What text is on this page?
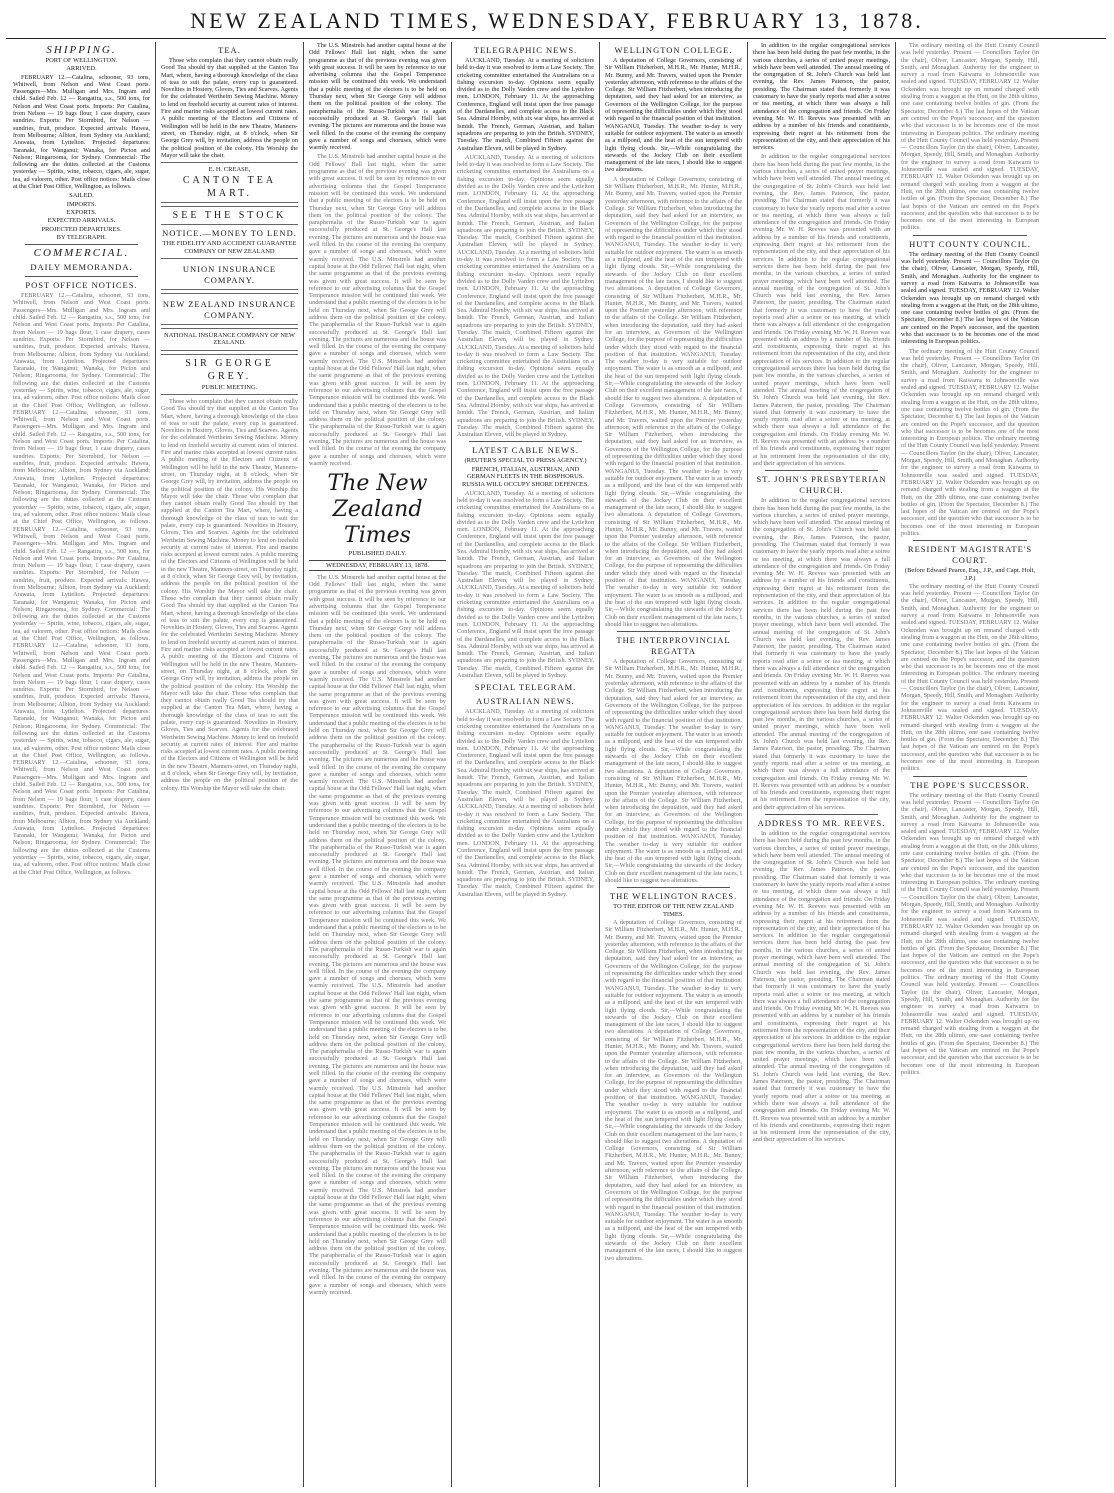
NEW ZEALAND TIMES, WEDNESDAY, FEBRUARY 13, 1878.
SHIPPING.
PORT OF WELLINGTON.
ARRIVED.
FEBRUARY 12.—Catalina, schooner, 93 tons, Whitwell, from Nelson and West Coast ports. Passengers—Mrs. Mulligan and Mrs. Ingram and child. Sailed Feb. 12 — Rangatira, s.s., 500 tons, for Nelson and West Coast ports. Imports: Per Catalina, from Nelson — 19 bags flour, 1 case drapery, cases sundries. Exports: Per Stormbird, for Nelson — sundries, fruit, produce. Expected arrivals: Hawea, from Melbourne; Albion, from Sydney via Auckland; Arawata, from Lyttelton. Projected departures: Taranaki, for Wanganui; Wanaka, for Picton and Nelson; Ringarooma, for Sydney. Commercial: The following are the duties collected at the Customs yesterday — Spirits, wine, tobacco, cigars, ale, sugar, tea, ad valorem, other. Post office notices: Mails close at the Chief Post Office, Wellington, as follows.
SAILED.
IMPORTS.
EXPORTS.
EXPECTED ARRIVALS.
PROJECTED DEPARTURES.
BY TELEGRAPH.
COMMERCIAL.
DAILY MEMORANDA.
POST OFFICE NOTICES.
FEBRUARY 12.—Catalina, schooner, 93 tons, Whitwell, from Nelson and West Coast ports. Passengers—Mrs. Mulligan and Mrs. Ingram and child. Sailed Feb. 12 — Rangatira, s.s., 500 tons, for Nelson and West Coast ports. Imports: Per Catalina, from Nelson — 19 bags flour, 1 case drapery, cases sundries. Exports: Per Stormbird, for Nelson — sundries, fruit, produce. Expected arrivals: Hawea, from Melbourne; Albion, from Sydney via Auckland; Arawata, from Lyttelton. Projected departures: Taranaki, for Wanganui; Wanaka, for Picton and Nelson; Ringarooma, for Sydney. Commercial: The following are the duties collected at the Customs yesterday — Spirits, wine, tobacco, cigars, ale, sugar, tea, ad valorem, other. Post office notices: Mails close at the Chief Post Office, Wellington, as follows. FEBRUARY 12.—Catalina, schooner, 93 tons, Whitwell, from Nelson and West Coast ports. Passengers—Mrs. Mulligan and Mrs. Ingram and child. Sailed Feb. 12 — Rangatira, s.s., 500 tons, for Nelson and West Coast ports. Imports: Per Catalina, from Nelson — 19 bags flour, 1 case drapery, cases sundries. Exports: Per Stormbird, for Nelson — sundries, fruit, produce. Expected arrivals: Hawea, from Melbourne; Albion, from Sydney via Auckland; Arawata, from Lyttelton. Projected departures: Taranaki, for Wanganui; Wanaka, for Picton and Nelson; Ringarooma, for Sydney. Commercial: The following are the duties collected at the Customs yesterday — Spirits, wine, tobacco, cigars, ale, sugar, tea, ad valorem, other. Post office notices: Mails close at the Chief Post Office, Wellington, as follows. FEBRUARY 12.—Catalina, schooner, 93 tons, Whitwell, from Nelson and West Coast ports. Passengers—Mrs. Mulligan and Mrs. Ingram and child. Sailed Feb. 12 — Rangatira, s.s., 500 tons, for Nelson and West Coast ports. Imports: Per Catalina, from Nelson — 19 bags flour, 1 case drapery, cases sundries. Exports: Per Stormbird, for Nelson — sundries, fruit, produce. Expected arrivals: Hawea, from Melbourne; Albion, from Sydney via Auckland; Arawata, from Lyttelton. Projected departures: Taranaki, for Wanganui; Wanaka, for Picton and Nelson; Ringarooma, for Sydney. Commercial: The following are the duties collected at the Customs yesterday — Spirits, wine, tobacco, cigars, ale, sugar, tea, ad valorem, other. Post office notices: Mails close at the Chief Post Office, Wellington, as follows. FEBRUARY 12.—Catalina, schooner, 93 tons, Whitwell, from Nelson and West Coast ports. Passengers—Mrs. Mulligan and Mrs. Ingram and child. Sailed Feb. 12 — Rangatira, s.s., 500 tons, for Nelson and West Coast ports. Imports: Per Catalina, from Nelson — 19 bags flour, 1 case drapery, cases sundries. Exports: Per Stormbird, for Nelson — sundries, fruit, produce. Expected arrivals: Hawea, from Melbourne; Albion, from Sydney via Auckland; Arawata, from Lyttelton. Projected departures: Taranaki, for Wanganui; Wanaka, for Picton and Nelson; Ringarooma, for Sydney. Commercial: The following are the duties collected at the Customs yesterday — Spirits, wine, tobacco, cigars, ale, sugar, tea, ad valorem, other. Post office notices: Mails close at the Chief Post Office, Wellington, as follows. FEBRUARY 12.—Catalina, schooner, 93 tons, Whitwell, from Nelson and West Coast ports. Passengers—Mrs. Mulligan and Mrs. Ingram and child. Sailed Feb. 12 — Rangatira, s.s., 500 tons, for Nelson and West Coast ports. Imports: Per Catalina, from Nelson — 19 bags flour, 1 case drapery, cases sundries. Exports: Per Stormbird, for Nelson — sundries, fruit, produce. Expected arrivals: Hawea, from Melbourne; Albion, from Sydney via Auckland; Arawata, from Lyttelton. Projected departures: Taranaki, for Wanganui; Wanaka, for Picton and Nelson; Ringarooma, for Sydney. Commercial: The following are the duties collected at the Customs yesterday — Spirits, wine, tobacco, cigars, ale, sugar, tea, ad valorem, other. Post office notices: Mails close at the Chief Post Office, Wellington, as follows.
TEA.
Those who complain that they cannot obtain really Good Tea should try that supplied at the Canton Tea Mart, where, having a thorough knowledge of the class of teas to suit the palate, every cup is guaranteed. Novelties in Hosiery, Gloves, Ties and Scarves. Agents for the celebrated Wertheim Sewing Machine. Money to lend on freehold security at current rates of interest. Fire and marine risks accepted at lowest current rates. A public meeting of the Electors and Citizens of Wellington will be held in the new Theatre, Manners-street, on Thursday night, at 8 o'clock, when Sir George Grey will, by invitation, address the people on the political position of the colony. His Worship the Mayor will take the chair.
E. H. CREASE,
CANTON TEA MART.
SEE THE STOCK
NOTICE.—MONEY TO LEND.
THE FIDELITY AND ACCIDENT GUARANTEE COMPANY OF NEW ZEALAND
UNION INSURANCE COMPANY.
NEW ZEALAND INSURANCE COMPANY.
NATIONAL INSURANCE COMPANY OF NEW ZEALAND.
SIR GEORGE GREY.
PUBLIC MEETING.
Those who complain that they cannot obtain really Good Tea should try that supplied at the Canton Tea Mart, where, having a thorough knowledge of the class of teas to suit the palate, every cup is guaranteed. Novelties in Hosiery, Gloves, Ties and Scarves. Agents for the celebrated Wertheim Sewing Machine. Money to lend on freehold security at current rates of interest. Fire and marine risks accepted at lowest current rates. A public meeting of the Electors and Citizens of Wellington will be held in the new Theatre, Manners-street, on Thursday night, at 8 o'clock, when Sir George Grey will, by invitation, address the people on the political position of the colony. His Worship the Mayor will take the chair. Those who complain that they cannot obtain really Good Tea should try that supplied at the Canton Tea Mart, where, having a thorough knowledge of the class of teas to suit the palate, every cup is guaranteed. Novelties in Hosiery, Gloves, Ties and Scarves. Agents for the celebrated Wertheim Sewing Machine. Money to lend on freehold security at current rates of interest. Fire and marine risks accepted at lowest current rates. A public meeting of the Electors and Citizens of Wellington will be held in the new Theatre, Manners-street, on Thursday night, at 8 o'clock, when Sir George Grey will, by invitation, address the people on the political position of the colony. His Worship the Mayor will take the chair. Those who complain that they cannot obtain really Good Tea should try that supplied at the Canton Tea Mart, where, having a thorough knowledge of the class of teas to suit the palate, every cup is guaranteed. Novelties in Hosiery, Gloves, Ties and Scarves. Agents for the celebrated Wertheim Sewing Machine. Money to lend on freehold security at current rates of interest. Fire and marine risks accepted at lowest current rates. A public meeting of the Electors and Citizens of Wellington will be held in the new Theatre, Manners-street, on Thursday night, at 8 o'clock, when Sir George Grey will, by invitation, address the people on the political position of the colony. His Worship the Mayor will take the chair. Those who complain that they cannot obtain really Good Tea should try that supplied at the Canton Tea Mart, where, having a thorough knowledge of the class of teas to suit the palate, every cup is guaranteed. Novelties in Hosiery, Gloves, Ties and Scarves. Agents for the celebrated Wertheim Sewing Machine. Money to lend on freehold security at current rates of interest. Fire and marine risks accepted at lowest current rates. A public meeting of the Electors and Citizens of Wellington will be held in the new Theatre, Manners-street, on Thursday night, at 8 o'clock, when Sir George Grey will, by invitation, address the people on the political position of the colony. His Worship the Mayor will take the chair.
The U.S. Minstrels had another capital house at the Odd Fellows' Hall last night, when the same programme as that of the previous evening was given with great success. It will be seen by reference to our advertising columns that the Gospel Temperance mission will be continued this week. We understand that a public meeting of the electors is to be held on Thursday next, when Sir George Grey will address them on the political position of the colony. The paraphernalia of the Russo-Turkish war is again successfully produced at St. George's Hall last evening. The pictures are numerous and the house was well filled. In the course of the evening the company gave a number of songs and choruses, which were warmly received.
The U.S. Minstrels had another capital house at the Odd Fellows' Hall last night, when the same programme as that of the previous evening was given with great success. It will be seen by reference to our advertising columns that the Gospel Temperance mission will be continued this week. We understand that a public meeting of the electors is to be held on Thursday next, when Sir George Grey will address them on the political position of the colony. The paraphernalia of the Russo-Turkish war is again successfully produced at St. George's Hall last evening. The pictures are numerous and the house was well filled. In the course of the evening the company gave a number of songs and choruses, which were warmly received. The U.S. Minstrels had another capital house at the Odd Fellows' Hall last night, when the same programme as that of the previous evening was given with great success. It will be seen by reference to our advertising columns that the Gospel Temperance mission will be continued this week. We understand that a public meeting of the electors is to be held on Thursday next, when Sir George Grey will address them on the political position of the colony. The paraphernalia of the Russo-Turkish war is again successfully produced at St. George's Hall last evening. The pictures are numerous and the house was well filled. In the course of the evening the company gave a number of songs and choruses, which were warmly received. The U.S. Minstrels had another capital house at the Odd Fellows' Hall last night, when the same programme as that of the previous evening was given with great success. It will be seen by reference to our advertising columns that the Gospel Temperance mission will be continued this week. We understand that a public meeting of the electors is to be held on Thursday next, when Sir George Grey will address them on the political position of the colony. The paraphernalia of the Russo-Turkish war is again successfully produced at St. George's Hall last evening. The pictures are numerous and the house was well filled. In the course of the evening the company gave a number of songs and choruses, which were warmly received.
The New Zealand Times
PUBLISHED DAILY.
WEDNESDAY, FEBRUARY 13, 1878.
The U.S. Minstrels had another capital house at the Odd Fellows' Hall last night, when the same programme as that of the previous evening was given with great success. It will be seen by reference to our advertising columns that the Gospel Temperance mission will be continued this week. We understand that a public meeting of the electors is to be held on Thursday next, when Sir George Grey will address them on the political position of the colony. The paraphernalia of the Russo-Turkish war is again successfully produced at St. George's Hall last evening. The pictures are numerous and the house was well filled. In the course of the evening the company gave a number of songs and choruses, which were warmly received. The U.S. Minstrels had another capital house at the Odd Fellows' Hall last night, when the same programme as that of the previous evening was given with great success. It will be seen by reference to our advertising columns that the Gospel Temperance mission will be continued this week. We understand that a public meeting of the electors is to be held on Thursday next, when Sir George Grey will address them on the political position of the colony. The paraphernalia of the Russo-Turkish war is again successfully produced at St. George's Hall last evening. The pictures are numerous and the house was well filled. In the course of the evening the company gave a number of songs and choruses, which were warmly received. The U.S. Minstrels had another capital house at the Odd Fellows' Hall last night, when the same programme as that of the previous evening was given with great success. It will be seen by reference to our advertising columns that the Gospel Temperance mission will be continued this week. We understand that a public meeting of the electors is to be held on Thursday next, when Sir George Grey will address them on the political position of the colony. The paraphernalia of the Russo-Turkish war is again successfully produced at St. George's Hall last evening. The pictures are numerous and the house was well filled. In the course of the evening the company gave a number of songs and choruses, which were warmly received. The U.S. Minstrels had another capital house at the Odd Fellows' Hall last night, when the same programme as that of the previous evening was given with great success. It will be seen by reference to our advertising columns that the Gospel Temperance mission will be continued this week. We understand that a public meeting of the electors is to be held on Thursday next, when Sir George Grey will address them on the political position of the colony. The paraphernalia of the Russo-Turkish war is again successfully produced at St. George's Hall last evening. The pictures are numerous and the house was well filled. In the course of the evening the company gave a number of songs and choruses, which were warmly received. The U.S. Minstrels had another capital house at the Odd Fellows' Hall last night, when the same programme as that of the previous evening was given with great success. It will be seen by reference to our advertising columns that the Gospel Temperance mission will be continued this week. We understand that a public meeting of the electors is to be held on Thursday next, when Sir George Grey will address them on the political position of the colony. The paraphernalia of the Russo-Turkish war is again successfully produced at St. George's Hall last evening. The pictures are numerous and the house was well filled. In the course of the evening the company gave a number of songs and choruses, which were warmly received. The U.S. Minstrels had another capital house at the Odd Fellows' Hall last night, when the same programme as that of the previous evening was given with great success. It will be seen by reference to our advertising columns that the Gospel Temperance mission will be continued this week. We understand that a public meeting of the electors is to be held on Thursday next, when Sir George Grey will address them on the political position of the colony. The paraphernalia of the Russo-Turkish war is again successfully produced at St. George's Hall last evening. The pictures are numerous and the house was well filled. In the course of the evening the company gave a number of songs and choruses, which were warmly received. The U.S. Minstrels had another capital house at the Odd Fellows' Hall last night, when the same programme as that of the previous evening was given with great success. It will be seen by reference to our advertising columns that the Gospel Temperance mission will be continued this week. We understand that a public meeting of the electors is to be held on Thursday next, when Sir George Grey will address them on the political position of the colony. The paraphernalia of the Russo-Turkish war is again successfully produced at St. George's Hall last evening. The pictures are numerous and the house was well filled. In the course of the evening the company gave a number of songs and choruses, which were warmly received.
TELEGRAPHIC NEWS.
AUCKLAND, Tuesday. At a meeting of solicitors held to-day it was resolved to form a Law Society. The cricketing committee entertained the Australians on a fishing excursion to-day. Opinions seem equally divided as to the Dolly Varden crew and the Lyttelton men. LONDON, February 11. At the approaching Conference, England will insist upon the free passage of the Dardanelles, and complete access to the Black Sea. Admiral Hornby, with six war ships, has arrived at Ismidt. The French, German, Austrian, and Italian squadrons are preparing to join the British. SYDNEY, Tuesday. The match, Combined Fifteen against the Australian Eleven, will be played in Sydney.
AUCKLAND, Tuesday. At a meeting of solicitors held to-day it was resolved to form a Law Society. The cricketing committee entertained the Australians on a fishing excursion to-day. Opinions seem equally divided as to the Dolly Varden crew and the Lyttelton men. LONDON, February 11. At the approaching Conference, England will insist upon the free passage of the Dardanelles, and complete access to the Black Sea. Admiral Hornby, with six war ships, has arrived at Ismidt. The French, German, Austrian, and Italian squadrons are preparing to join the British. SYDNEY, Tuesday. The match, Combined Fifteen against the Australian Eleven, will be played in Sydney. AUCKLAND, Tuesday. At a meeting of solicitors held to-day it was resolved to form a Law Society. The cricketing committee entertained the Australians on a fishing excursion to-day. Opinions seem equally divided as to the Dolly Varden crew and the Lyttelton men. LONDON, February 11. At the approaching Conference, England will insist upon the free passage of the Dardanelles, and complete access to the Black Sea. Admiral Hornby, with six war ships, has arrived at Ismidt. The French, German, Austrian, and Italian squadrons are preparing to join the British. SYDNEY, Tuesday. The match, Combined Fifteen against the Australian Eleven, will be played in Sydney. AUCKLAND, Tuesday. At a meeting of solicitors held to-day it was resolved to form a Law Society. The cricketing committee entertained the Australians on a fishing excursion to-day. Opinions seem equally divided as to the Dolly Varden crew and the Lyttelton men. LONDON, February 11. At the approaching Conference, England will insist upon the free passage of the Dardanelles, and complete access to the Black Sea. Admiral Hornby, with six war ships, has arrived at Ismidt. The French, German, Austrian, and Italian squadrons are preparing to join the British. SYDNEY, Tuesday. The match, Combined Fifteen against the Australian Eleven, will be played in Sydney.
LATEST CABLE NEWS.
(REUTER'S SPECIAL TO PRESS AGENCY.)
FRENCH, ITALIAN, AUSTRIAN, AND GERMAN FLEETS IN THE BOSPHORUS.
RUSSIA WILL OCCUPY SHORE DEFENCES.
AUCKLAND, Tuesday. At a meeting of solicitors held to-day it was resolved to form a Law Society. The cricketing committee entertained the Australians on a fishing excursion to-day. Opinions seem equally divided as to the Dolly Varden crew and the Lyttelton men. LONDON, February 11. At the approaching Conference, England will insist upon the free passage of the Dardanelles, and complete access to the Black Sea. Admiral Hornby, with six war ships, has arrived at Ismidt. The French, German, Austrian, and Italian squadrons are preparing to join the British. SYDNEY, Tuesday. The match, Combined Fifteen against the Australian Eleven, will be played in Sydney. AUCKLAND, Tuesday. At a meeting of solicitors held to-day it was resolved to form a Law Society. The cricketing committee entertained the Australians on a fishing excursion to-day. Opinions seem equally divided as to the Dolly Varden crew and the Lyttelton men. LONDON, February 11. At the approaching Conference, England will insist upon the free passage of the Dardanelles, and complete access to the Black Sea. Admiral Hornby, with six war ships, has arrived at Ismidt. The French, German, Austrian, and Italian squadrons are preparing to join the British. SYDNEY, Tuesday. The match, Combined Fifteen against the Australian Eleven, will be played in Sydney.
SPECIAL TELEGRAM.
AUSTRALIAN NEWS.
AUCKLAND, Tuesday. At a meeting of solicitors held to-day it was resolved to form a Law Society. The cricketing committee entertained the Australians on a fishing excursion to-day. Opinions seem equally divided as to the Dolly Varden crew and the Lyttelton men. LONDON, February 11. At the approaching Conference, England will insist upon the free passage of the Dardanelles, and complete access to the Black Sea. Admiral Hornby, with six war ships, has arrived at Ismidt. The French, German, Austrian, and Italian squadrons are preparing to join the British. SYDNEY, Tuesday. The match, Combined Fifteen against the Australian Eleven, will be played in Sydney. AUCKLAND, Tuesday. At a meeting of solicitors held to-day it was resolved to form a Law Society. The cricketing committee entertained the Australians on a fishing excursion to-day. Opinions seem equally divided as to the Dolly Varden crew and the Lyttelton men. LONDON, February 11. At the approaching Conference, England will insist upon the free passage of the Dardanelles, and complete access to the Black Sea. Admiral Hornby, with six war ships, has arrived at Ismidt. The French, German, Austrian, and Italian squadrons are preparing to join the British. SYDNEY, Tuesday. The match, Combined Fifteen against the Australian Eleven, will be played in Sydney.
WELLINGTON COLLEGE.
A deputation of College Governors, consisting of Sir William Fitzherbert, M.H.R., Mr. Hunter, M.H.R., Mr. Bunny, and Mr. Travers, waited upon the Premier yesterday afternoon, with reference to the affairs of the College. Sir William Fitzherbert, when introducing the deputation, said they had asked for an interview, as Governors of the Wellington College, for the purpose of representing the difficulties under which they stood with regard to the financial position of that institution. WANGANUI, Tuesday. The weather to-day is very suitable for outdoor enjoyment. The water is as smooth as a millpond, and the heat of the sun tempered with light flying clouds. Sir,—While congratulating the stewards of the Jockey Club on their excellent management of the late races, I should like to suggest two alterations.
A deputation of College Governors, consisting of Sir William Fitzherbert, M.H.R., Mr. Hunter, M.H.R., Mr. Bunny, and Mr. Travers, waited upon the Premier yesterday afternoon, with reference to the affairs of the College. Sir William Fitzherbert, when introducing the deputation, said they had asked for an interview, as Governors of the Wellington College, for the purpose of representing the difficulties under which they stood with regard to the financial position of that institution. WANGANUI, Tuesday. The weather to-day is very suitable for outdoor enjoyment. The water is as smooth as a millpond, and the heat of the sun tempered with light flying clouds. Sir,—While congratulating the stewards of the Jockey Club on their excellent management of the late races, I should like to suggest two alterations. A deputation of College Governors, consisting of Sir William Fitzherbert, M.H.R., Mr. Hunter, M.H.R., Mr. Bunny, and Mr. Travers, waited upon the Premier yesterday afternoon, with reference to the affairs of the College. Sir William Fitzherbert, when introducing the deputation, said they had asked for an interview, as Governors of the Wellington College, for the purpose of representing the difficulties under which they stood with regard to the financial position of that institution. WANGANUI, Tuesday. The weather to-day is very suitable for outdoor enjoyment. The water is as smooth as a millpond, and the heat of the sun tempered with light flying clouds. Sir,—While congratulating the stewards of the Jockey Club on their excellent management of the late races, I should like to suggest two alterations. A deputation of College Governors, consisting of Sir William Fitzherbert, M.H.R., Mr. Hunter, M.H.R., Mr. Bunny, and Mr. Travers, waited upon the Premier yesterday afternoon, with reference to the affairs of the College. Sir William Fitzherbert, when introducing the deputation, said they had asked for an interview, as Governors of the Wellington College, for the purpose of representing the difficulties under which they stood with regard to the financial position of that institution. WANGANUI, Tuesday. The weather to-day is very suitable for outdoor enjoyment. The water is as smooth as a millpond, and the heat of the sun tempered with light flying clouds. Sir,—While congratulating the stewards of the Jockey Club on their excellent management of the late races, I should like to suggest two alterations. A deputation of College Governors, consisting of Sir William Fitzherbert, M.H.R., Mr. Hunter, M.H.R., Mr. Bunny, and Mr. Travers, waited upon the Premier yesterday afternoon, with reference to the affairs of the College. Sir William Fitzherbert, when introducing the deputation, said they had asked for an interview, as Governors of the Wellington College, for the purpose of representing the difficulties under which they stood with regard to the financial position of that institution. WANGANUI, Tuesday. The weather to-day is very suitable for outdoor enjoyment. The water is as smooth as a millpond, and the heat of the sun tempered with light flying clouds. Sir,—While congratulating the stewards of the Jockey Club on their excellent management of the late races, I should like to suggest two alterations.
THE INTERPROVINCIAL REGATTA
A deputation of College Governors, consisting of Sir William Fitzherbert, M.H.R., Mr. Hunter, M.H.R., Mr. Bunny, and Mr. Travers, waited upon the Premier yesterday afternoon, with reference to the affairs of the College. Sir William Fitzherbert, when introducing the deputation, said they had asked for an interview, as Governors of the Wellington College, for the purpose of representing the difficulties under which they stood with regard to the financial position of that institution. WANGANUI, Tuesday. The weather to-day is very suitable for outdoor enjoyment. The water is as smooth as a millpond, and the heat of the sun tempered with light flying clouds. Sir,—While congratulating the stewards of the Jockey Club on their excellent management of the late races, I should like to suggest two alterations. A deputation of College Governors, consisting of Sir William Fitzherbert, M.H.R., Mr. Hunter, M.H.R., Mr. Bunny, and Mr. Travers, waited upon the Premier yesterday afternoon, with reference to the affairs of the College. Sir William Fitzherbert, when introducing the deputation, said they had asked for an interview, as Governors of the Wellington College, for the purpose of representing the difficulties under which they stood with regard to the financial position of that institution. WANGANUI, Tuesday. The weather to-day is very suitable for outdoor enjoyment. The water is as smooth as a millpond, and the heat of the sun tempered with light flying clouds. Sir,—While congratulating the stewards of the Jockey Club on their excellent management of the late races, I should like to suggest two alterations.
THE WELLINGTON RACES.
TO THE EDITOR OF THE NEW ZEALAND TIMES.
A deputation of College Governors, consisting of Sir William Fitzherbert, M.H.R., Mr. Hunter, M.H.R., Mr. Bunny, and Mr. Travers, waited upon the Premier yesterday afternoon, with reference to the affairs of the College. Sir William Fitzherbert, when introducing the deputation, said they had asked for an interview, as Governors of the Wellington College, for the purpose of representing the difficulties under which they stood with regard to the financial position of that institution. WANGANUI, Tuesday. The weather to-day is very suitable for outdoor enjoyment. The water is as smooth as a millpond, and the heat of the sun tempered with light flying clouds. Sir,—While congratulating the stewards of the Jockey Club on their excellent management of the late races, I should like to suggest two alterations. A deputation of College Governors, consisting of Sir William Fitzherbert, M.H.R., Mr. Hunter, M.H.R., Mr. Bunny, and Mr. Travers, waited upon the Premier yesterday afternoon, with reference to the affairs of the College. Sir William Fitzherbert, when introducing the deputation, said they had asked for an interview, as Governors of the Wellington College, for the purpose of representing the difficulties under which they stood with regard to the financial position of that institution. WANGANUI, Tuesday. The weather to-day is very suitable for outdoor enjoyment. The water is as smooth as a millpond, and the heat of the sun tempered with light flying clouds. Sir,—While congratulating the stewards of the Jockey Club on their excellent management of the late races, I should like to suggest two alterations. A deputation of College Governors, consisting of Sir William Fitzherbert, M.H.R., Mr. Hunter, M.H.R., Mr. Bunny, and Mr. Travers, waited upon the Premier yesterday afternoon, with reference to the affairs of the College. Sir William Fitzherbert, when introducing the deputation, said they had asked for an interview, as Governors of the Wellington College, for the purpose of representing the difficulties under which they stood with regard to the financial position of that institution. WANGANUI, Tuesday. The weather to-day is very suitable for outdoor enjoyment. The water is as smooth as a millpond, and the heat of the sun tempered with light flying clouds. Sir,—While congratulating the stewards of the Jockey Club on their excellent management of the late races, I should like to suggest two alterations.
In addition to the regular congregational services there has been held during the past few months, in the various churches, a series of united prayer meetings, which have been well attended. The annual meeting of the congregation of St. John's Church was held last evening, the Rev. James Paterson, the pastor, presiding. The Chairman stated that formerly it was customary to have the yearly reports read after a soiree or tea meeting, at which there was always a full attendance of the congregation and friends. On Friday evening Mr. W. H. Reeves was presented with an address by a number of his friends and constituents, expressing their regret at his retirement from the representation of the city, and their appreciation of his services.
In addition to the regular congregational services there has been held during the past few months, in the various churches, a series of united prayer meetings, which have been well attended. The annual meeting of the congregation of St. John's Church was held last evening, the Rev. James Paterson, the pastor, presiding. The Chairman stated that formerly it was customary to have the yearly reports read after a soiree or tea meeting, at which there was always a full attendance of the congregation and friends. On Friday evening Mr. W. H. Reeves was presented with an address by a number of his friends and constituents, expressing their regret at his retirement from the representation of the city, and their appreciation of his services. In addition to the regular congregational services there has been held during the past few months, in the various churches, a series of united prayer meetings, which have been well attended. The annual meeting of the congregation of St. John's Church was held last evening, the Rev. James Paterson, the pastor, presiding. The Chairman stated that formerly it was customary to have the yearly reports read after a soiree or tea meeting, at which there was always a full attendance of the congregation and friends. On Friday evening Mr. W. H. Reeves was presented with an address by a number of his friends and constituents, expressing their regret at his retirement from the representation of the city, and their appreciation of his services. In addition to the regular congregational services there has been held during the past few months, in the various churches, a series of united prayer meetings, which have been well attended. The annual meeting of the congregation of St. John's Church was held last evening, the Rev. James Paterson, the pastor, presiding. The Chairman stated that formerly it was customary to have the yearly reports read after a soiree or tea meeting, at which there was always a full attendance of the congregation and friends. On Friday evening Mr. W. H. Reeves was presented with an address by a number of his friends and constituents, expressing their regret at his retirement from the representation of the city, and their appreciation of his services.
ST. JOHN'S PRESBYTERIAN CHURCH.
In addition to the regular congregational services there has been held during the past few months, in the various churches, a series of united prayer meetings, which have been well attended. The annual meeting of the congregation of St. John's Church was held last evening, the Rev. James Paterson, the pastor, presiding. The Chairman stated that formerly it was customary to have the yearly reports read after a soiree or tea meeting, at which there was always a full attendance of the congregation and friends. On Friday evening Mr. W. H. Reeves was presented with an address by a number of his friends and constituents, expressing their regret at his retirement from the representation of the city, and their appreciation of his services. In addition to the regular congregational services there has been held during the past few months, in the various churches, a series of united prayer meetings, which have been well attended. The annual meeting of the congregation of St. John's Church was held last evening, the Rev. James Paterson, the pastor, presiding. The Chairman stated that formerly it was customary to have the yearly reports read after a soiree or tea meeting, at which there was always a full attendance of the congregation and friends. On Friday evening Mr. W. H. Reeves was presented with an address by a number of his friends and constituents, expressing their regret at his retirement from the representation of the city, and their appreciation of his services. In addition to the regular congregational services there has been held during the past few months, in the various churches, a series of united prayer meetings, which have been well attended. The annual meeting of the congregation of St. John's Church was held last evening, the Rev. James Paterson, the pastor, presiding. The Chairman stated that formerly it was customary to have the yearly reports read after a soiree or tea meeting, at which there was always a full attendance of the congregation and friends. On Friday evening Mr. W. H. Reeves was presented with an address by a number of his friends and constituents, expressing their regret at his retirement from the representation of the city, and their appreciation of his services.
ADDRESS TO MR. REEVES.
In addition to the regular congregational services there has been held during the past few months, in the various churches, a series of united prayer meetings, which have been well attended. The annual meeting of the congregation of St. John's Church was held last evening, the Rev. James Paterson, the pastor, presiding. The Chairman stated that formerly it was customary to have the yearly reports read after a soiree or tea meeting, at which there was always a full attendance of the congregation and friends. On Friday evening Mr. W. H. Reeves was presented with an address by a number of his friends and constituents, expressing their regret at his retirement from the representation of the city, and their appreciation of his services. In addition to the regular congregational services there has been held during the past few months, in the various churches, a series of united prayer meetings, which have been well attended. The annual meeting of the congregation of St. John's Church was held last evening, the Rev. James Paterson, the pastor, presiding. The Chairman stated that formerly it was customary to have the yearly reports read after a soiree or tea meeting, at which there was always a full attendance of the congregation and friends. On Friday evening Mr. W. H. Reeves was presented with an address by a number of his friends and constituents, expressing their regret at his retirement from the representation of the city, and their appreciation of his services. In addition to the regular congregational services there has been held during the past few months, in the various churches, a series of united prayer meetings, which have been well attended. The annual meeting of the congregation of St. John's Church was held last evening, the Rev. James Paterson, the pastor, presiding. The Chairman stated that formerly it was customary to have the yearly reports read after a soiree or tea meeting, at which there was always a full attendance of the congregation and friends. On Friday evening Mr. W. H. Reeves was presented with an address by a number of his friends and constituents, expressing their regret at his retirement from the representation of the city, and their appreciation of his services.
The ordinary meeting of the Hutt County Council was held yesterday. Present — Councillors Taylor (in the chair), Oliver, Lancaster, Morgan, Speedy, Hill, Smith, and Monaghan. Authority for the engineer to survey a road from Kaiwarra to Johnsonville was sealed and signed. TUESDAY, FEBRUARY 12. Walter Ockenden was brought up on remand charged with stealing from a waggon at the Hutt, on the 28th ultimo, one case containing twelve bottles of gin. (From the Spectator, December 8.) The last hopes of the Vatican are centred on the Pope's successor, and the question who that successor is to be becomes one of the most interesting in European politics. The ordinary meeting of the Hutt County Council was held yesterday. Present — Councillors Taylor (in the chair), Oliver, Lancaster, Morgan, Speedy, Hill, Smith, and Monaghan. Authority for the engineer to survey a road from Kaiwarra to Johnsonville was sealed and signed. TUESDAY, FEBRUARY 12. Walter Ockenden was brought up on remand charged with stealing from a waggon at the Hutt, on the 28th ultimo, one case containing twelve bottles of gin. (From the Spectator, December 8.) The last hopes of the Vatican are centred on the Pope's successor, and the question who that successor is to be becomes one of the most interesting in European politics.
HUTT COUNTY COUNCIL.
The ordinary meeting of the Hutt County Council was held yesterday. Present — Councillors Taylor (in the chair), Oliver, Lancaster, Morgan, Speedy, Hill, Smith, and Monaghan. Authority for the engineer to survey a road from Kaiwarra to Johnsonville was sealed and signed. TUESDAY, FEBRUARY 12. Walter Ockenden was brought up on remand charged with stealing from a waggon at the Hutt, on the 28th ultimo, one case containing twelve bottles of gin. (From the Spectator, December 8.) The last hopes of the Vatican are centred on the Pope's successor, and the question who that successor is to be becomes one of the most interesting in European politics.
The ordinary meeting of the Hutt County Council was held yesterday. Present — Councillors Taylor (in the chair), Oliver, Lancaster, Morgan, Speedy, Hill, Smith, and Monaghan. Authority for the engineer to survey a road from Kaiwarra to Johnsonville was sealed and signed. TUESDAY, FEBRUARY 12. Walter Ockenden was brought up on remand charged with stealing from a waggon at the Hutt, on the 28th ultimo, one case containing twelve bottles of gin. (From the Spectator, December 8.) The last hopes of the Vatican are centred on the Pope's successor, and the question who that successor is to be becomes one of the most interesting in European politics. The ordinary meeting of the Hutt County Council was held yesterday. Present — Councillors Taylor (in the chair), Oliver, Lancaster, Morgan, Speedy, Hill, Smith, and Monaghan. Authority for the engineer to survey a road from Kaiwarra to Johnsonville was sealed and signed. TUESDAY, FEBRUARY 12. Walter Ockenden was brought up on remand charged with stealing from a waggon at the Hutt, on the 28th ultimo, one case containing twelve bottles of gin. (From the Spectator, December 8.) The last hopes of the Vatican are centred on the Pope's successor, and the question who that successor is to be becomes one of the most interesting in European politics.
RESIDENT MAGISTRATE'S COURT.
(Before Edward Pearce, Esq., J.P., and Capt. Holt, J.P.)
The ordinary meeting of the Hutt County Council was held yesterday. Present — Councillors Taylor (in the chair), Oliver, Lancaster, Morgan, Speedy, Hill, Smith, and Monaghan. Authority for the engineer to survey a road from Kaiwarra to Johnsonville was sealed and signed. TUESDAY, FEBRUARY 12. Walter Ockenden was brought up on remand charged with stealing from a waggon at the Hutt, on the 28th ultimo, one case containing twelve bottles of gin. (From the Spectator, December 8.) The last hopes of the Vatican are centred on the Pope's successor, and the question who that successor is to be becomes one of the most interesting in European politics. The ordinary meeting of the Hutt County Council was held yesterday. Present — Councillors Taylor (in the chair), Oliver, Lancaster, Morgan, Speedy, Hill, Smith, and Monaghan. Authority for the engineer to survey a road from Kaiwarra to Johnsonville was sealed and signed. TUESDAY, FEBRUARY 12. Walter Ockenden was brought up on remand charged with stealing from a waggon at the Hutt, on the 28th ultimo, one case containing twelve bottles of gin. (From the Spectator, December 8.) The last hopes of the Vatican are centred on the Pope's successor, and the question who that successor is to be becomes one of the most interesting in European politics.
THE POPE'S SUCCESSOR.
The ordinary meeting of the Hutt County Council was held yesterday. Present — Councillors Taylor (in the chair), Oliver, Lancaster, Morgan, Speedy, Hill, Smith, and Monaghan. Authority for the engineer to survey a road from Kaiwarra to Johnsonville was sealed and signed. TUESDAY, FEBRUARY 12. Walter Ockenden was brought up on remand charged with stealing from a waggon at the Hutt, on the 28th ultimo, one case containing twelve bottles of gin. (From the Spectator, December 8.) The last hopes of the Vatican are centred on the Pope's successor, and the question who that successor is to be becomes one of the most interesting in European politics. The ordinary meeting of the Hutt County Council was held yesterday. Present — Councillors Taylor (in the chair), Oliver, Lancaster, Morgan, Speedy, Hill, Smith, and Monaghan. Authority for the engineer to survey a road from Kaiwarra to Johnsonville was sealed and signed. TUESDAY, FEBRUARY 12. Walter Ockenden was brought up on remand charged with stealing from a waggon at the Hutt, on the 28th ultimo, one case containing twelve bottles of gin. (From the Spectator, December 8.) The last hopes of the Vatican are centred on the Pope's successor, and the question who that successor is to be becomes one of the most interesting in European politics. The ordinary meeting of the Hutt County Council was held yesterday. Present — Councillors Taylor (in the chair), Oliver, Lancaster, Morgan, Speedy, Hill, Smith, and Monaghan. Authority for the engineer to survey a road from Kaiwarra to Johnsonville was sealed and signed. TUESDAY, FEBRUARY 12. Walter Ockenden was brought up on remand charged with stealing from a waggon at the Hutt, on the 28th ultimo, one case containing twelve bottles of gin. (From the Spectator, December 8.) The last hopes of the Vatican are centred on the Pope's successor, and the question who that successor is to be becomes one of the most interesting in European politics.
